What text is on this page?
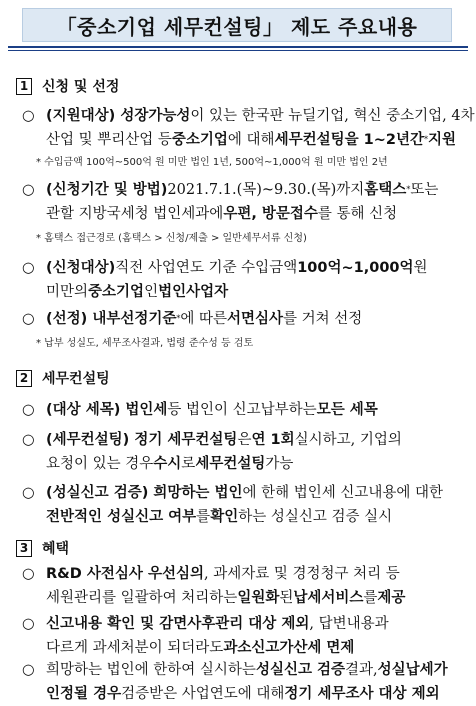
「중소기업 세무컨설팅」 제도 주요내용
1 신청 및 선정
○ (지원대상) 성장가능성 이 있는 한국판 뉴딜기업, 혁신 중소기업, 4차
산업 및 뿌리산업 등 중소기업 에 대해 세무컨설팅을 1~2년간 * 지원
* 수입금액 100억~500억 원 미만 법인 1년, 500억~1,000억 원 미만 법인 2년
○ (신청기간 및 방법) 2021.7.1.(목)~9.30.(목)까지 홈택스 * 또는
관할 지방국세청 법인세과에 우편, 방문접수 를 통해 신청
* 홈택스 접근경로 (홈택스 > 신청/제출 > 일반세무서류 신청)
○ (신청대상) 직전 사업연도 기준 수입금액 100억~1,000억 원
미만의 중소기업 인 법인사업자
○ (선정) 내부선정기준 * 에 따른 서면심사 를 거쳐 선정
* 납부 성실도, 세무조사결과, 법령 준수성 등 검토
2 세무컨설팅
○ (대상 세목) 법인세 등 법인이 신고납부하는 모든 세목
○ (세무컨설팅) 정기 세무컨설팅 은 연 1회 실시하고, 기업의
요청이 있는 경우 수시 로 세무컨설팅 가능
○ (성실신고 검증) 희망하는 법인 에 한해 법인세 신고내용에 대한
전반적인 성실신고 여부 를 확인 하는 성실신고 검증 실시
3 혜택
○ R&D 사전심사 우선심의 , 과세자료 및 경정청구 처리 등
세원관리를 일괄하여 처리하는 일원화 된 납세서비스 를 제공
○ 신고내용 확인 및 감면사후관리 대상 제외 , 답변내용과
다르게 과세처분이 되더라도 과소신고가산세 면제
○ 희망하는 법인에 한하여 실시하는 성실신고 검증 결과, 성실납세가
인정될 경우 검증받은 사업연도에 대해 정기 세무조사 대상 제외
